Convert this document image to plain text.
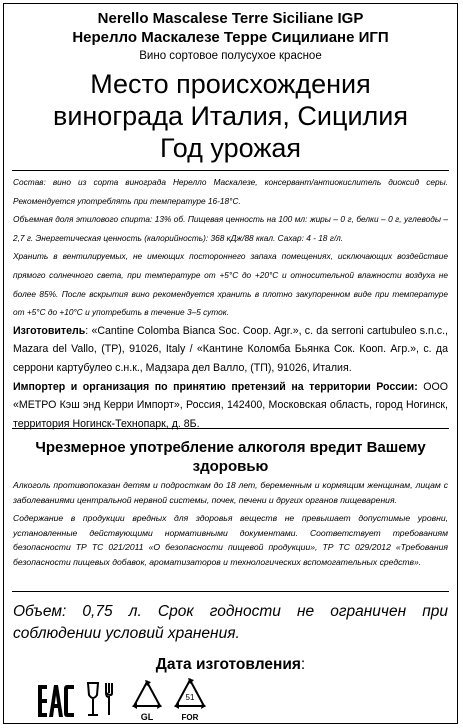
Nerello Mascalese Terre Siciliane IGP
Нерелло Маскалезе Терре Сицилиане ИГП
Вино сортовое полусухое красное
Место происхождения
винограда Италия, Сицилия
Год урожая

Состав: вино из сорта винограда Нерелло Маскалезе, консервант/антиокислитель диоксид серы. Рекомендуется употреблять при температуре 16-18°С.

Объемная доля этилового спирта: 13% об. Пищевая ценность на 100 мл: жиры – 0 г, белки – 0 г, углеводы – 2,7 г. Энергетическая ценность (калорийность): 368 кДж/88 ккал. Сахар: 4 - 18 г/л.

Хранить в вентилируемых, не имеющих постороннего запаха помещениях, исключающих воздействие прямого солнечного света, при температуре от +5°С до +20°С и относительной влажности воздуха не более 85%. После вскрытия вино рекомендуется хранить в плотно закупоренном виде при температуре от +5°С до +10°С и употребить в течение 3–5 суток.

Изготовитель: «Cantine Colomba Bianca Soc. Coop. Agr.», c. da serroni cartubuleo s.n.c., Mazara del Vallo, (TP), 91026, Italy / «Кантине Коломба Бьянка Сок. Кооп. Агр.», с. да серрони картубулео с.н.к., Мадзара дел Валло, (ТП), 91026, Италия.

Импортер и организация по принятию претензий на территории России: ООО «МЕТРО Кэш энд Керри Импорт», Россия, 142400, Московская область, город Ногинск, территория Ногинск-Технопарк, д. 8Б.

Чрезмерное употребление алкоголя вредит Вашему здоровью

Алкоголь противопоказан детям и подросткам до 18 лет, беременным и кормящим женщинам, лицам с заболеваниями центральной нервной системы, почек, печени и других органов пищеварения.

Содержание в продукции вредных для здоровья веществ не превышает допустимые уровни, установленные действующими нормативными документами. Соответствует требованиям безопасности ТР ТС 021/2011 «О безопасности пищевой продукции», ТР ТС 029/2012 «Требования безопасности пищевых добавок, ароматизаторов и технологических вспомогательных средств».

Объем: 0,75 л. Срок годности не ограничен при соблюдении условий хранения.
Дата изготовления:
GL
51
FOR
